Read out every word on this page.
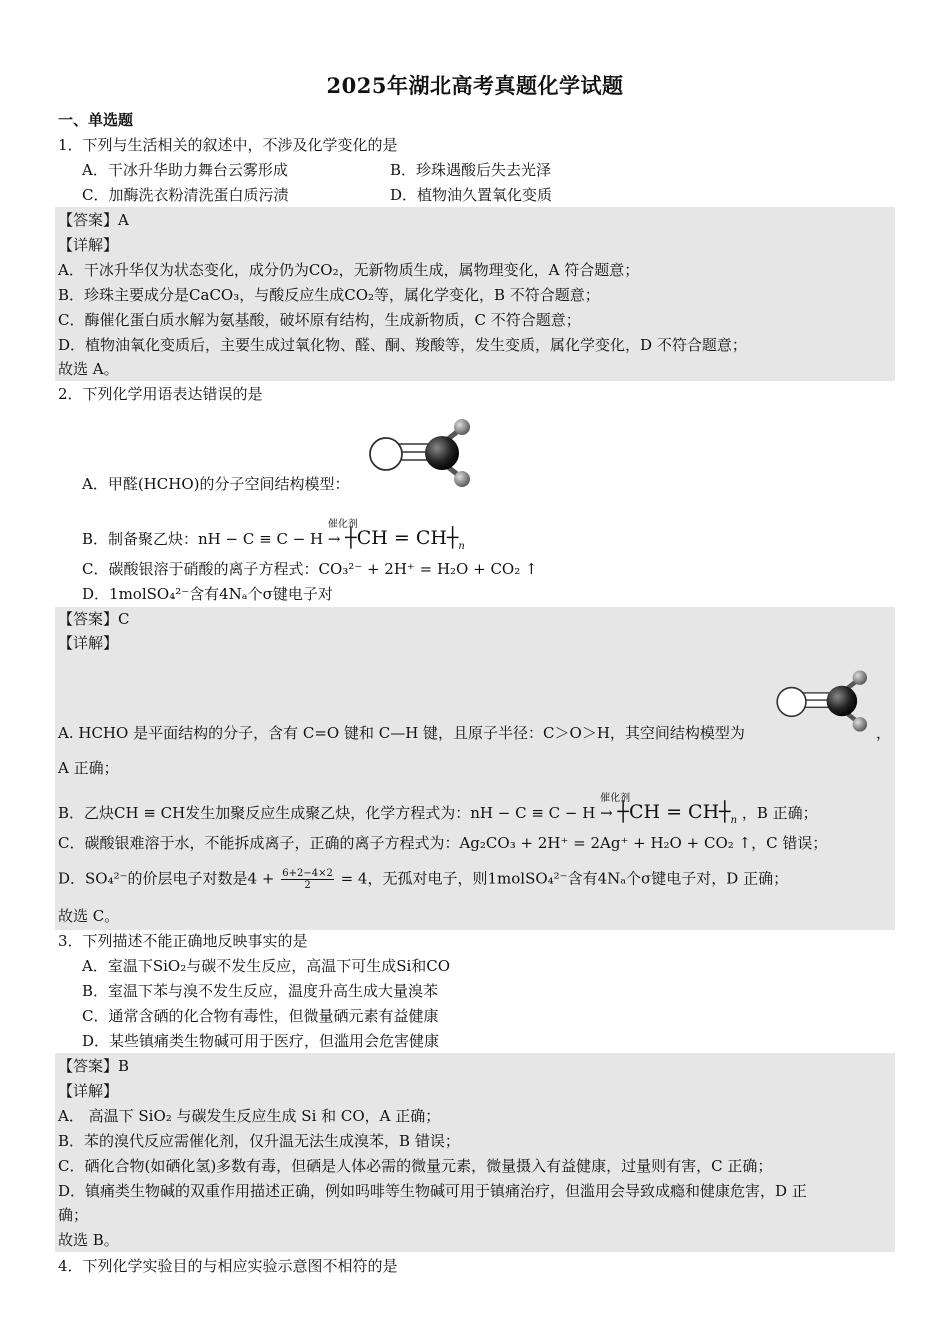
2025年湖北高考真题化学试题
一、单选题
1．下列与生活相关的叙述中，不涉及化学变化的是
A．干冰升华助力舞台云雾形成	B．珍珠遇酸后失去光泽
C．加酶洗衣粉清洗蛋白质污渍	D．植物油久置氧化变质
【答案】A
【详解】
A．干冰升华仅为状态变化，成分仍为CO₂，无新物质生成，属物理变化，A 符合题意；
B．珍珠主要成分是CaCO₃，与酸反应生成CO₂等，属化学变化，B 不符合题意；
C．酶催化蛋白质水解为氨基酸，破坏原有结构，生成新物质，C 不符合题意；
D．植物油氧化变质后，主要生成过氧化物、醛、酮、羧酸等，发生变质，属化学变化，D 不符合题意；
故选 A。
2．下列化学用语表达错误的是
A．甲醛(HCHO)的分子空间结构模型：
B．制备聚乙炔：nH − C ≡ C − H
催化剂
→ ┼CH = $CH┼_n$
C．碳酸银溶于硝酸的离子方程式：CO₃²⁻ + 2H⁺ = H₂O + CO₂ ↑
D．1molSO₄²⁻含有4Nₐ个σ键电子对
【答案】C
【详解】
A. HCHO 是平面结构的分子，含有 C=O 键和 C—H 键，且原子半径：C＞O＞H，其空间结构模型为	，
A 正确；
B．乙炔CH ≡ CH发生加聚反应生成聚乙炔，化学方程式为：nH − C ≡ C − H
催化剂
→ ┼CH = $CH┼_n$ ，B 正确；
C．碳酸银难溶于水，不能拆成离子，正确的离子方程式为：Ag₂CO₃ + 2H⁺ = 2Ag⁺ + H₂O + CO₂ ↑，C 错误；
D．SO₄²⁻的价层电子对数是$4 + \frac{6+2-4\times 2}{2} = 4$，无孤对电子，则1molSO₄²⁻含有4Nₐ个σ键电子对，D 正确；
故选 C。
3．下列描述不能正确地反映事实的是
A．室温下SiO₂与碳不发生反应，高温下可生成Si和CO
B．室温下苯与溴不发生反应，温度升高生成大量溴苯
C．通常含硒的化合物有毒性，但微量硒元素有益健康
D．某些镇痛类生物碱可用于医疗，但滥用会危害健康
【答案】B
【详解】
A． 高温下 SiO₂ 与碳发生反应生成 Si 和 CO，A 正确；
B．苯的溴代反应需催化剂，仅升温无法生成溴苯，B 错误；
C．硒化合物(如硒化氢)多数有毒，但硒是人体必需的微量元素，微量摄入有益健康，过量则有害，C 正确；
D．镇痛类生物碱的双重作用描述正确，例如吗啡等生物碱可用于镇痛治疗，但滥用会导致成瘾和健康危害，D 正
确；
故选 B。
4．下列化学实验目的与相应实验示意图不相符的是
